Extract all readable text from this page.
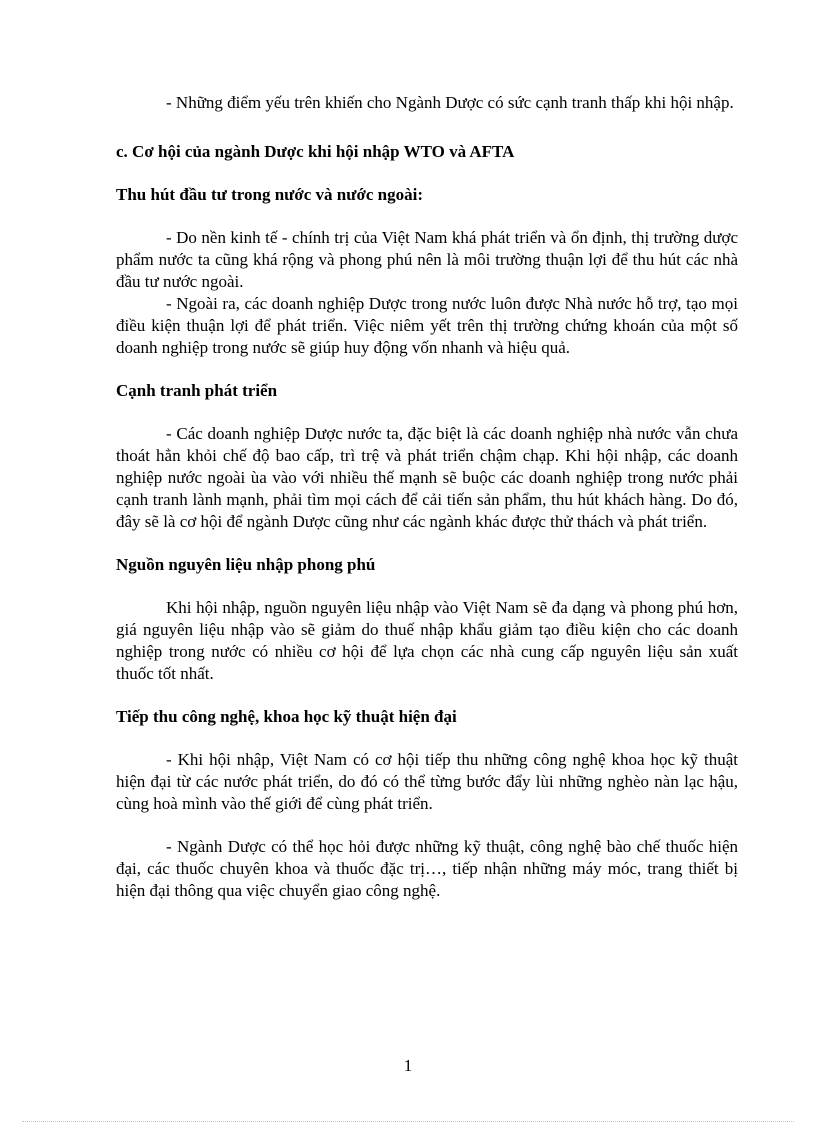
- Những điểm yếu trên khiến cho Ngành Dược có sức cạnh tranh thấp khi hội nhập.

c. Cơ hội của ngành Dược khi hội nhập WTO và AFTA

Thu hút đầu tư trong nước và nước ngoài:

- Do nền kinh tế - chính trị của Việt Nam khá phát triển và ổn định, thị trường dược phẩm nước ta cũng khá rộng và phong phú nên là môi trường thuận lợi để thu hút các nhà đầu tư nước ngoài.

- Ngoài ra, các doanh nghiệp Dược trong nước luôn được Nhà nước hỗ trợ, tạo mọi điều kiện thuận lợi để phát triển. Việc niêm yết trên thị trường chứng khoán của một số doanh nghiệp trong nước sẽ giúp huy động vốn nhanh và hiệu quả.

Cạnh tranh phát triển

- Các doanh nghiệp Dược nước ta, đặc biệt là các doanh nghiệp nhà nước vẫn chưa thoát hẳn khỏi chế độ bao cấp, trì trệ và phát triển chậm chạp. Khi hội nhập, các doanh nghiệp nước ngoài ùa vào với nhiều thế mạnh sẽ buộc các doanh nghiệp trong nước phải cạnh tranh lành mạnh, phải tìm mọi cách để cải tiến sản phẩm, thu hút khách hàng. Do đó, đây sẽ là cơ hội để ngành Dược cũng như các ngành khác được thử thách và phát triển.

Nguồn nguyên liệu nhập phong phú

Khi hội nhập, nguồn nguyên liệu nhập vào Việt Nam sẽ đa dạng và phong phú hơn, giá nguyên liệu nhập vào sẽ giảm do thuế nhập khẩu giảm tạo điều kiện cho các doanh nghiệp trong nước có nhiều cơ hội để lựa chọn các nhà cung cấp nguyên liệu sản xuất thuốc tốt nhất.

Tiếp thu công nghệ, khoa học kỹ thuật hiện đại

- Khi hội nhập, Việt Nam có cơ hội tiếp thu những công nghệ khoa học kỹ thuật hiện đại từ các nước phát triển, do đó có thể từng bước đẩy lùi những nghèo nàn lạc hậu, cùng hoà mình vào thế giới để cùng phát triển.

- Ngành Dược có thể học hỏi được những kỹ thuật, công nghệ bào chế thuốc hiện đại, các thuốc chuyên khoa và thuốc đặc trị…, tiếp nhận những máy móc, trang thiết bị hiện đại thông qua việc chuyển giao công nghệ.

1
